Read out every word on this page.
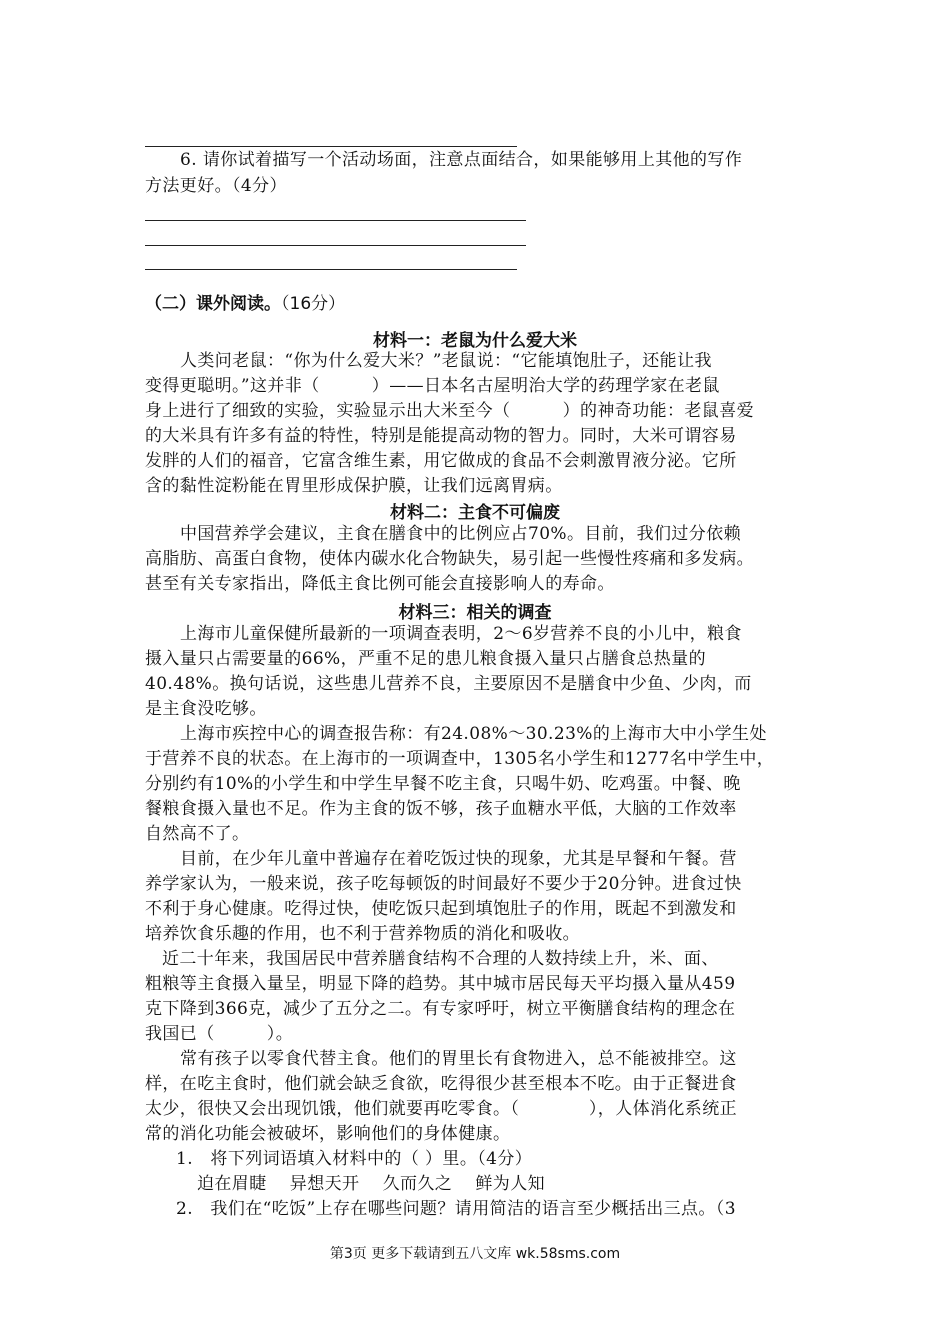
6. 请你试着描写一个活动场面，注意点面结合，如果能够用上其他的写作
方法更好。（4分）
（二）课外阅读。（16分）
材料一：老鼠为什么爱大米
人类问老鼠：“你为什么爱大米？”老鼠说：“它能填饱肚子，还能让我
变得更聪明。”这并非（　　　）——日本名古屋明治大学的药理学家在老鼠
身上进行了细致的实验，实验显示出大米至今（　　　）的神奇功能：老鼠喜爱
的大米具有许多有益的特性，特别是能提高动物的智力。同时，大米可谓容易
发胖的人们的福音，它富含维生素，用它做成的食品不会刺激胃液分泌。它所
含的黏性淀粉能在胃里形成保护膜，让我们远离胃病。
材料二：主食不可偏废
中国营养学会建议，主食在膳食中的比例应占70%。目前，我们过分依赖
高脂肪、高蛋白食物，使体内碳水化合物缺失，易引起一些慢性疼痛和多发病。
甚至有关专家指出，降低主食比例可能会直接影响人的寿命。
材料三：相关的调查
上海市儿童保健所最新的一项调查表明，2～6岁营养不良的小儿中，粮食
摄入量只占需要量的66%，严重不足的患儿粮食摄入量只占膳食总热量的
40.48%。换句话说，这些患儿营养不良，主要原因不是膳食中少鱼、少肉，而
是主食没吃够。
上海市疾控中心的调查报告称：有24.08%～30.23%的上海市大中小学生处
于营养不良的状态。在上海市的一项调查中，1305名小学生和1277名中学生中，
分别约有10%的小学生和中学生早餐不吃主食，只喝牛奶、吃鸡蛋。中餐、晚
餐粮食摄入量也不足。作为主食的饭不够，孩子血糖水平低，大脑的工作效率
自然高不了。
目前，在少年儿童中普遍存在着吃饭过快的现象，尤其是早餐和午餐。营
养学家认为，一般来说，孩子吃每顿饭的时间最好不要少于20分钟。进食过快
不利于身心健康。吃得过快，使吃饭只起到填饱肚子的作用，既起不到激发和
培养饮食乐趣的作用，也不利于营养物质的消化和吸收。
近二十年来，我国居民中营养膳食结构不合理的人数持续上升，米、面、
粗粮等主食摄入量呈，明显下降的趋势。其中城市居民每天平均摄入量从459
克下降到366克，减少了五分之二。有专家呼吁，树立平衡膳食结构的理念在
我国已（　　　）。
常有孩子以零食代替主食。他们的胃里长有食物进入，总不能被排空。这
样，在吃主食时，他们就会缺乏食欲，吃得很少甚至根本不吃。由于正餐进食
太少，很快又会出现饥饿，他们就要再吃零食。（　　　　），人体消化系统正
常的消化功能会被破坏，影响他们的身体健康。
1.　将下列词语填入材料中的（ ）里。（4分）
迫在眉睫　 异想天开　 久而久之　 鲜为人知
2.　我们在“吃饭”上存在哪些问题？请用简洁的语言至少概括出三点。（3
第3页 更多下载请到五八文库 wk.58sms.com
